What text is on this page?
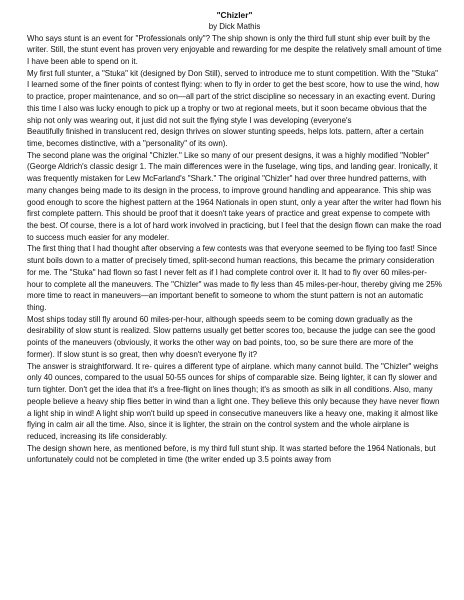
"Chizler"

by Dick Mathis

Who says stunt is an event for "Professionals only"? The ship shown is only the third full stunt ship ever built by the writer. Still, the stunt event has proven very enjoyable and rewarding for me despite the relatively small amount of time I have been able to spend on it.

My first full stunter, a "Stuka" kit (designed by Don Still), served to introduce me to stunt competition. With the "Stuka" I learned some of the finer points of contest flying: when to fly in order to get the best score, how to use the wind, how to practice, proper maintenance, and so on—all part of the strict discipline so necessary in an exacting event. During this time I also was lucky enough to pick up a trophy or two at regional meets, but it soon became obvious that the ship not only was wearing out, it just did not suit the flying style I was developing (everyone's

Beautifully finished in translucent red, design thrives on slower stunting speeds, helps lots. pattern, after a certain time, becomes distinctive, with a "personality" of its own).

The second plane was the original "Chizler." Like so many of our present designs, it was a highly modified "Nobler" (George Aldrich's classic desigr 1. The main differences were in the fuselage, wing tips, and landing gear. Ironically, it was frequently mistaken for Lew McFarland's "Shark." The original "Chizler" had over three hundred patterns, with many changes being made to its design in the process, to improve ground handling and appearance. This ship was good enough to score the highest pattern at the 1964 Nationals in open stunt, only a year after the writer had flown his first complete pattern. This should be proof that it doesn't take years of practice and great expense to compete with the best. Of course, there is a lot of hard work involved in practicing, but I feel that the design flown can make the road to success much easier for any modeler.

The first thing that I had thought after observing a few contests was that everyone seemed to be flying too fast! Since stunt boils down to a matter of precisely timed, split-second human reactions, this became the primary consideration for me. The "Stuka" had flown so fast I never felt as if I had complete control over it. It had to fly over 60 miles-per-hour to complete all the maneuvers. The "Chizler" was made to fly less than 45 miles-per-hour, thereby giving me 25% more time to react in maneuvers—an important benefit to someone to whom the stunt pattern is not an automatic thing.

Most ships today still fly around 60 miles-per-hour, although speeds seem to be coming down gradually as the desirability of slow stunt is realized. Slow patterns usually get better scores too, because the judge can see the good points of the maneuvers (obviously, it works the other way on bad points, too, so be sure there are more of the former). If slow stunt is so great, then why doesn't everyone fly it?

The answer is straightforward. It re- quires a different type of airplane. which many cannot build. The "Chizler" weighs only 40 ounces, compared to the usual 50-55 ounces for ships of comparable size. Being lighter, it can fly slower and turn tighter. Don't get the idea that it's a free-flight on lines though; it's as smooth as silk in all conditions. Also, many people believe a heavy ship flies better in wind than a light one. They believe this only because they have never flown a light ship in wind! A light ship won't build up speed in consecutive maneuvers like a heavy one, making it almost like flying in calm air all the time. Also, since it is lighter, the strain on the control system and the whole airplane is reduced, increasing its life considerably.

The design shown here, as mentioned before, is my third full stunt ship. It was started before the 1964 Nationals, but unfortunately could not be completed in time (the writer ended up 3.5 points away from
